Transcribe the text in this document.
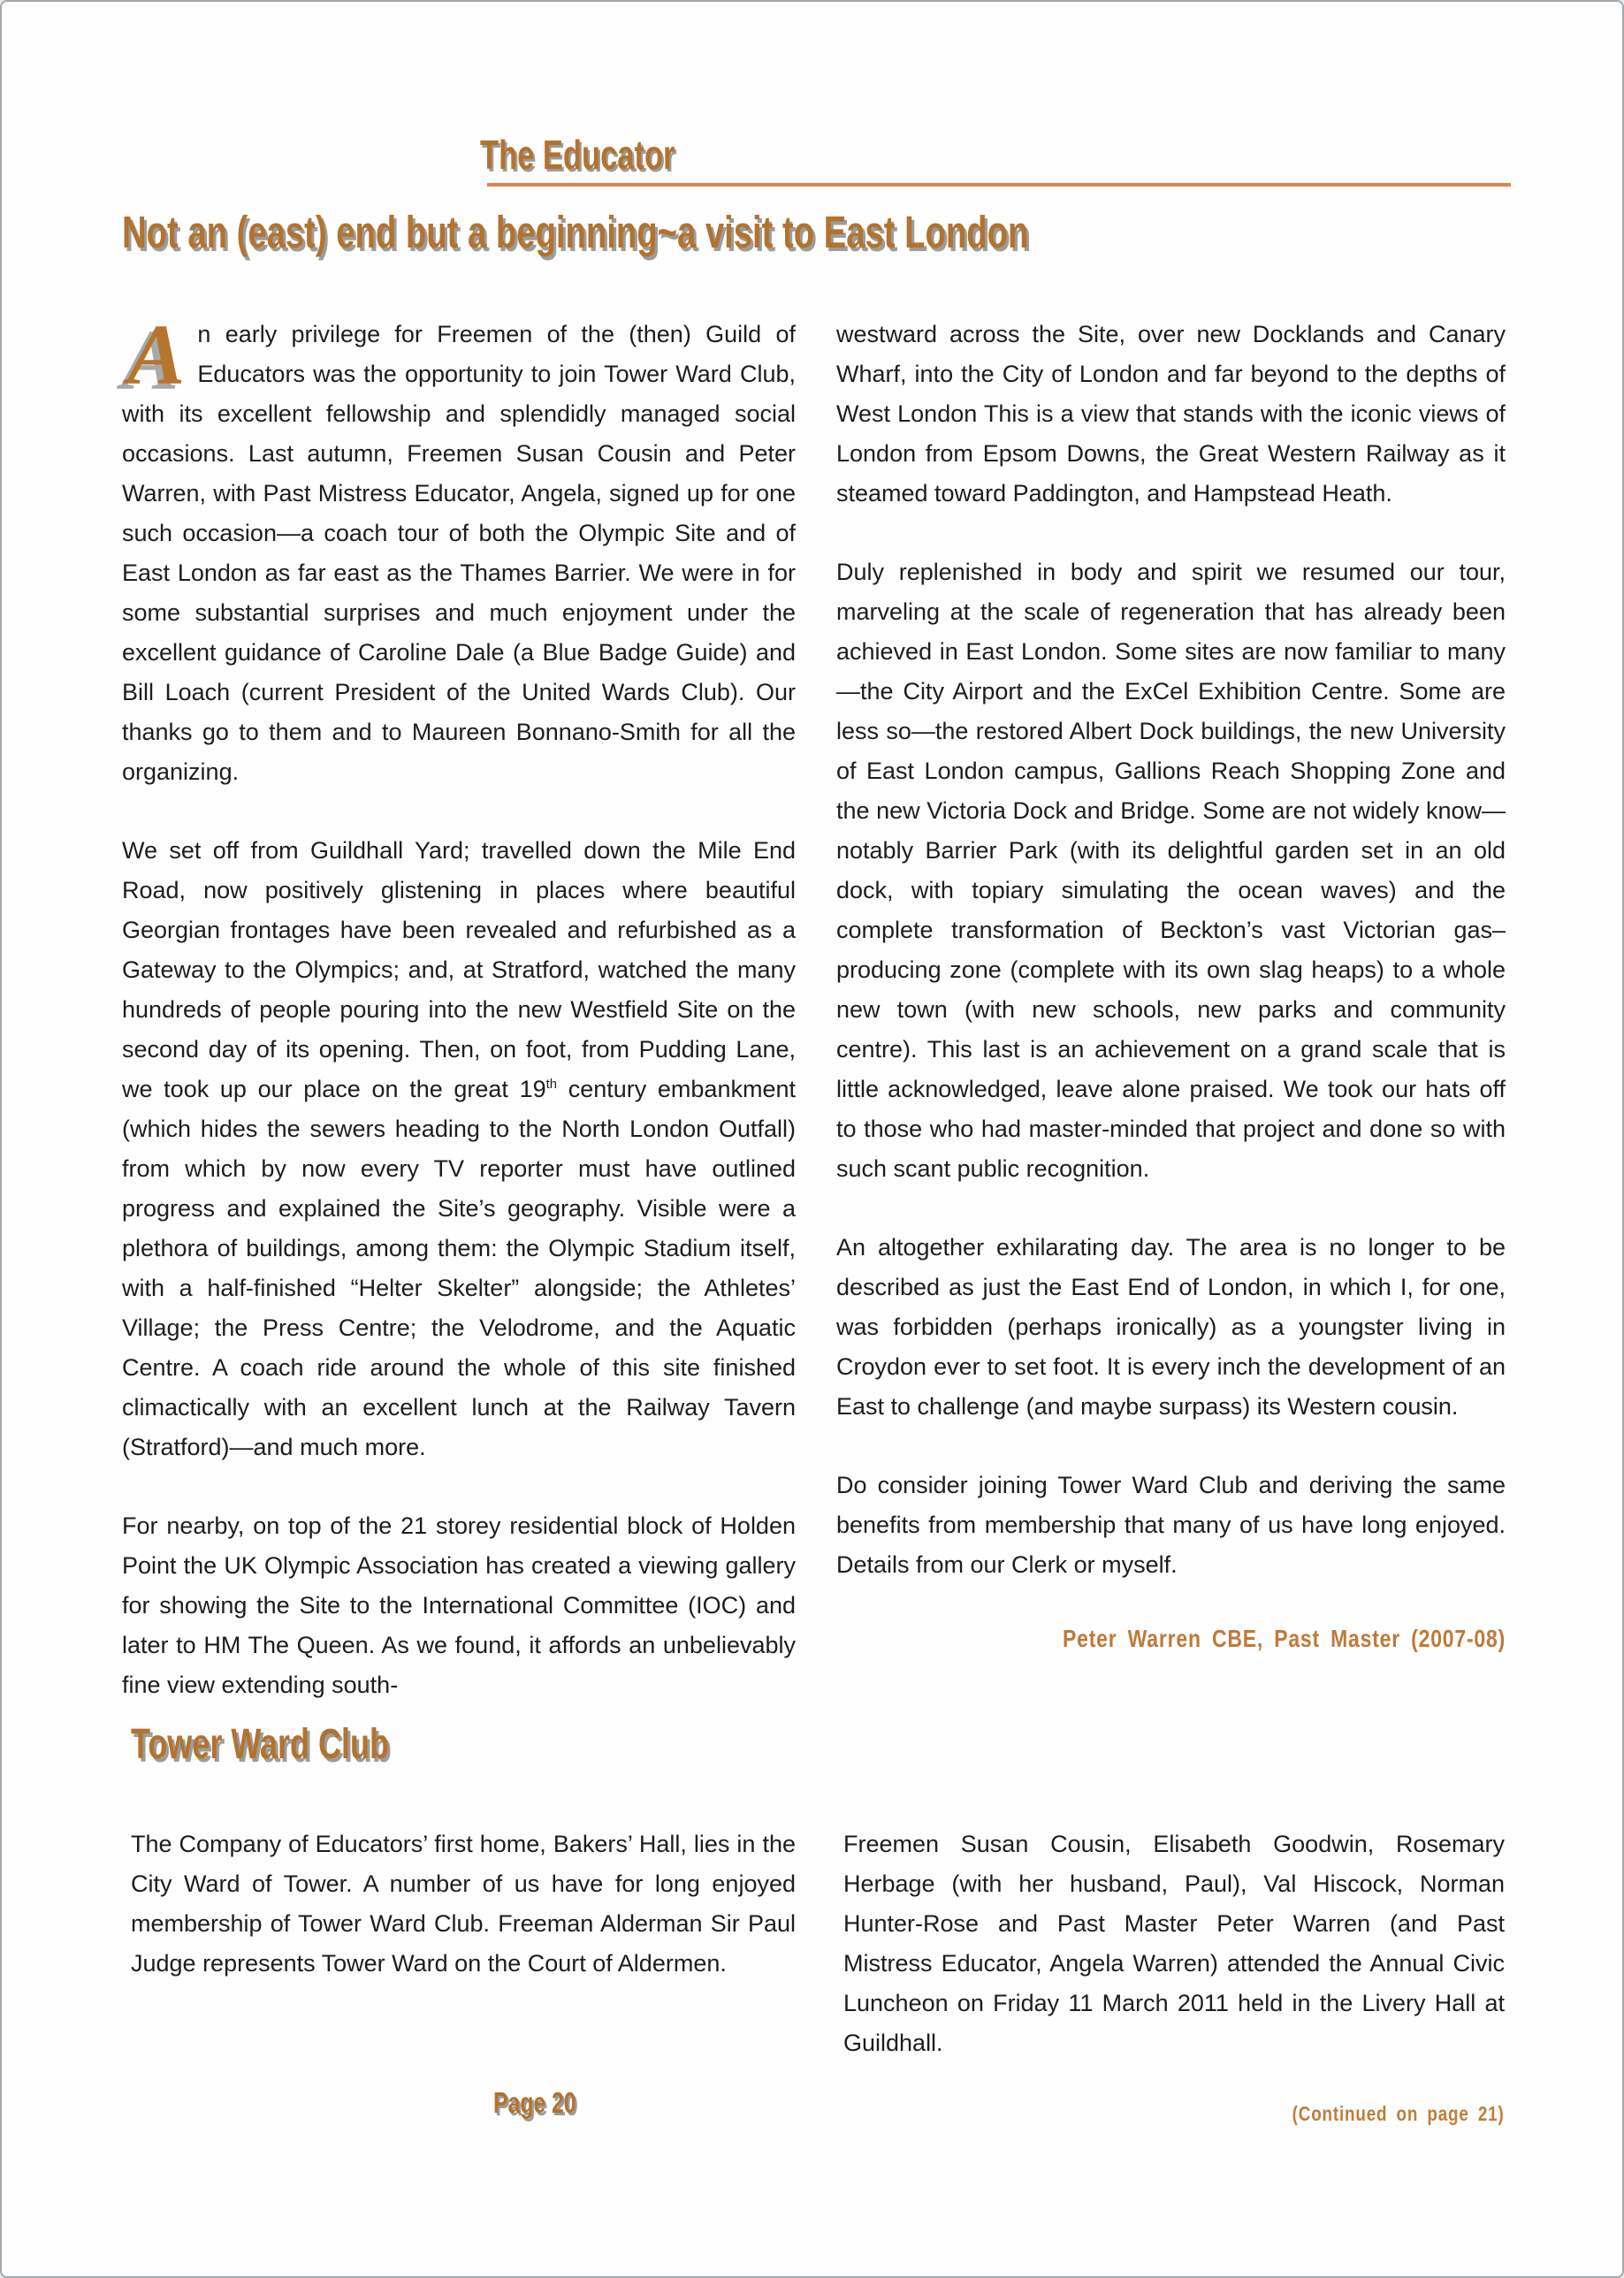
The Educator
Not an (east) end but a beginning~a visit to East London

An early privilege for Freemen of the (then) Guild of Educators was the opportunity to join Tower Ward Club, with its excellent fellowship and splendidly managed social occasions. Last autumn, Freemen Susan Cousin and Peter Warren, with Past Mistress Educator, Angela, signed up for one such occasion—a coach tour of both the Olympic Site and of East London as far east as the Thames Barrier. We were in for some substantial surprises and much enjoyment under the excellent guidance of Caroline Dale (a Blue Badge Guide) and Bill Loach (current President of the United Wards Club). Our thanks go to them and to Maureen Bonnano-Smith for all the organizing.

We set off from Guildhall Yard; travelled down the Mile End Road, now positively glistening in places where beautiful Georgian frontages have been revealed and refurbished as a Gateway to the Olympics; and, at Stratford, watched the many hundreds of people pouring into the new Westfield Site on the second day of its opening. Then, on foot, from Pudding Lane, we took up our place on the great 19th century embankment (which hides the sewers heading to the North London Outfall) from which by now every TV reporter must have outlined progress and explained the Site’s geography. Visible were a plethora of buildings, among them: the Olympic Stadium itself, with a half-finished “Helter Skelter” alongside; the Athletes’ Village; the Press Centre; the Velodrome, and the Aquatic Centre. A coach ride around the whole of this site finished climactically with an excellent lunch at the Railway Tavern (Stratford)—and much more.

For nearby, on top of the 21 storey residential block of Holden Point the UK Olympic Association has created a viewing gallery for showing the Site to the International Committee (IOC) and later to HM The Queen. As we found, it affords an unbelievably fine view extending south-

westward across the Site, over new Docklands and Canary Wharf, into the City of London and far beyond to the depths of West London This is a view that stands with the iconic views of London from Epsom Downs, the Great Western Railway as it steamed toward Paddington, and Hampstead Heath.

Duly replenished in body and spirit we resumed our tour, marveling at the scale of regeneration that has already been achieved in East London. Some sites are now familiar to many—the City Airport and the ExCel Exhibition Centre. Some are less so—the restored Albert Dock buildings, the new University of East London campus, Gallions Reach Shopping Zone and the new Victoria Dock and Bridge. Some are not widely know—notably Barrier Park (with its delightful garden set in an old dock, with topiary simulating the ocean waves) and the complete transformation of Beckton’s vast Victorian gas–producing zone (complete with its own slag heaps) to a whole new town (with new schools, new parks and community centre). This last is an achievement on a grand scale that is little acknowledged, leave alone praised. We took our hats off to those who had master-minded that project and done so with such scant public recognition.

An altogether exhilarating day. The area is no longer to be described as just the East End of London, in which I, for one, was forbidden (perhaps ironically) as a youngster living in Croydon ever to set foot. It is every inch the development of an East to challenge (and maybe surpass) its Western cousin.

Do consider joining Tower Ward Club and deriving the same benefits from membership that many of us have long enjoyed. Details from our Clerk or myself.

Peter Warren CBE, Past Master (2007-08)
Tower Ward Club

The Company of Educators’ first home, Bakers’ Hall, lies in the City Ward of Tower. A number of us have for long enjoyed membership of Tower Ward Club. Freeman Alderman Sir Paul Judge represents Tower Ward on the Court of Aldermen.

Freemen Susan Cousin, Elisabeth Goodwin, Rosemary Herbage (with her husband, Paul), Val Hiscock, Norman Hunter-Rose and Past Master Peter Warren (and Past Mistress Educator, Angela Warren) attended the Annual Civic Luncheon on Friday 11 March 2011 held in the Livery Hall at Guildhall.

(Continued on page 21)
Page 20
